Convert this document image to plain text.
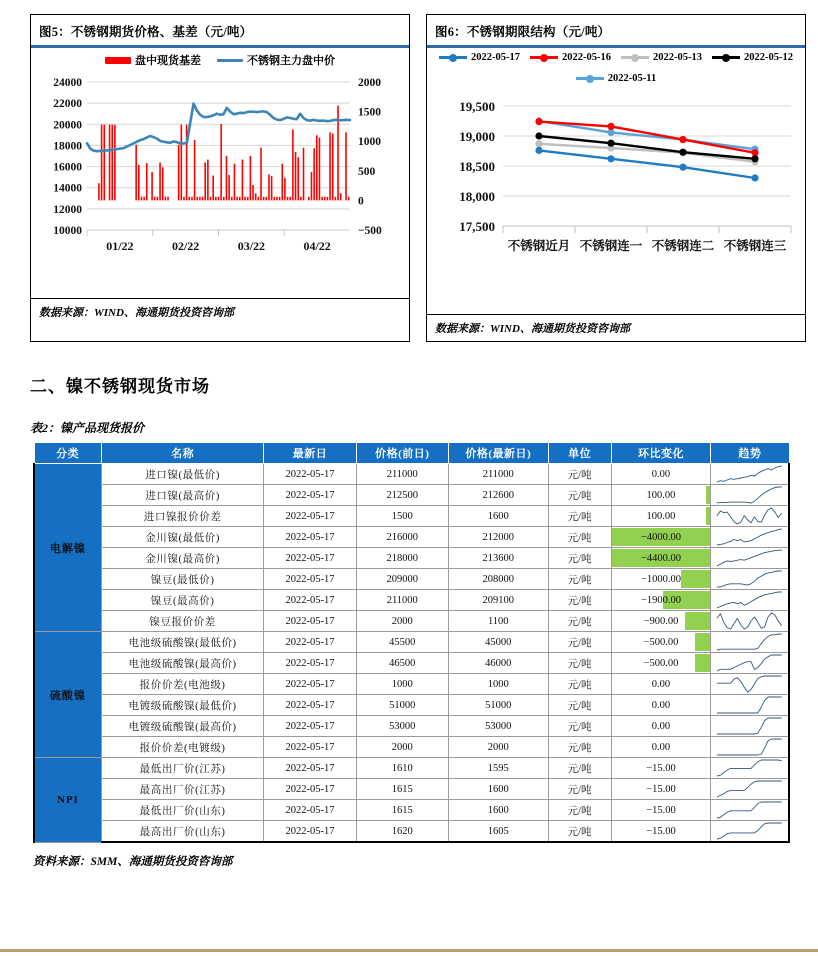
图5：不锈钢期货价格、基差（元/吨）
盘中现货基差	不锈钢主力盘中价
10000
12000
14000
16000
18000
20000
22000
24000
−500
0
500
1000
1500
2000
01/22	02/22	03/22	04/22
数据来源：WIND、海通期货投资咨询部
图6：不锈钢期限结构（元/吨）
2022-05-17	2022-05-16	2022-05-13	2022-05-12
2022-05-11
17,500
18,000
18,500
19,000
19,500
不锈钢近月 不锈钢连一 不锈钢连二 不锈钢连三
数据来源：WIND、海通期货投资咨询部
二、镍不锈钢现货市场
表2：镍产品现货报价
分类	名称	最新日	价格(前日)	价格(最新日)	单位	环比变化	趋势
电解镍	进口镍(最低价)	2022-05-17	211000	211000	元/吨	0.00	

	进口镍(最高价)	2022-05-17	212500	212600	元/吨	100.00	

	进口镍报价价差	2022-05-17	1500	1600	元/吨	100.00	

	金川镍(最低价)	2022-05-17	216000	212000	元/吨	−4000.00	

	金川镍(最高价)	2022-05-17	218000	213600	元/吨	−4400.00	

	镍豆(最低价)	2022-05-17	209000	208000	元/吨	−1000.00	

	镍豆(最高价)	2022-05-17	211000	209100	元/吨	−1900.00	

	镍豆报价价差	2022-05-17	2000	1100	元/吨	−900.00	

硫酸镍	电池级硫酸镍(最低价)	2022-05-17	45500	45000	元/吨	−500.00	

	电池级硫酸镍(最高价)	2022-05-17	46500	46000	元/吨	−500.00	

	报价价差(电池级)	2022-05-17	1000	1000	元/吨	0.00	

	电镀级硫酸镍(最低价)	2022-05-17	51000	51000	元/吨	0.00	

	电镀级硫酸镍(最高价)	2022-05-17	53000	53000	元/吨	0.00	

	报价价差(电镀级)	2022-05-17	2000	2000	元/吨	0.00	

NPI	最低出厂价(江苏)	2022-05-17	1610	1595	元/吨	−15.00	

	最高出厂价(江苏)	2022-05-17	1615	1600	元/吨	−15.00	

	最低出厂价(山东)	2022-05-17	1615	1600	元/吨	−15.00	

	最高出厂价(山东)	2022-05-17	1620	1605	元/吨	−15.00	
资料来源：SMM、海通期货投资咨询部
